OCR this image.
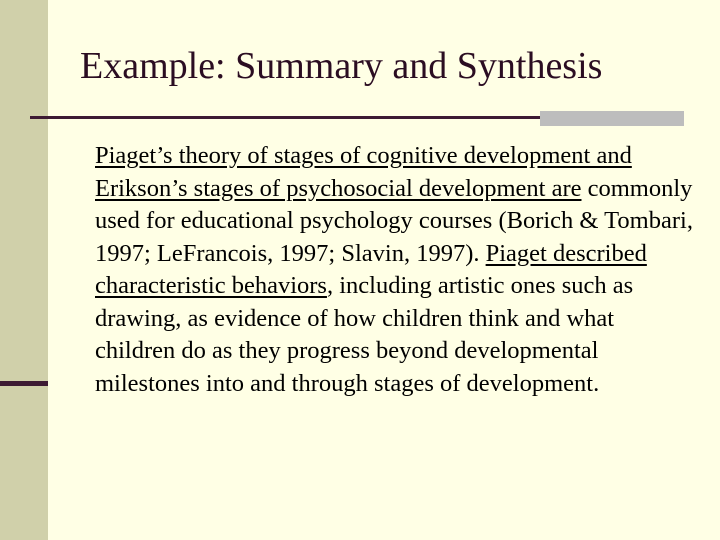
Example: Summary and Synthesis

Piaget’s theory of stages of cognitive development and Erikson’s stages of psychosocial development are commonly used for educational psychology courses (Borich & Tombari, 1997; LeFrancois, 1997; Slavin, 1997). Piaget described characteristic behaviors, including artistic ones such as drawing, as evidence of how children think and what children do as they progress beyond developmental milestones into and through stages of development.
